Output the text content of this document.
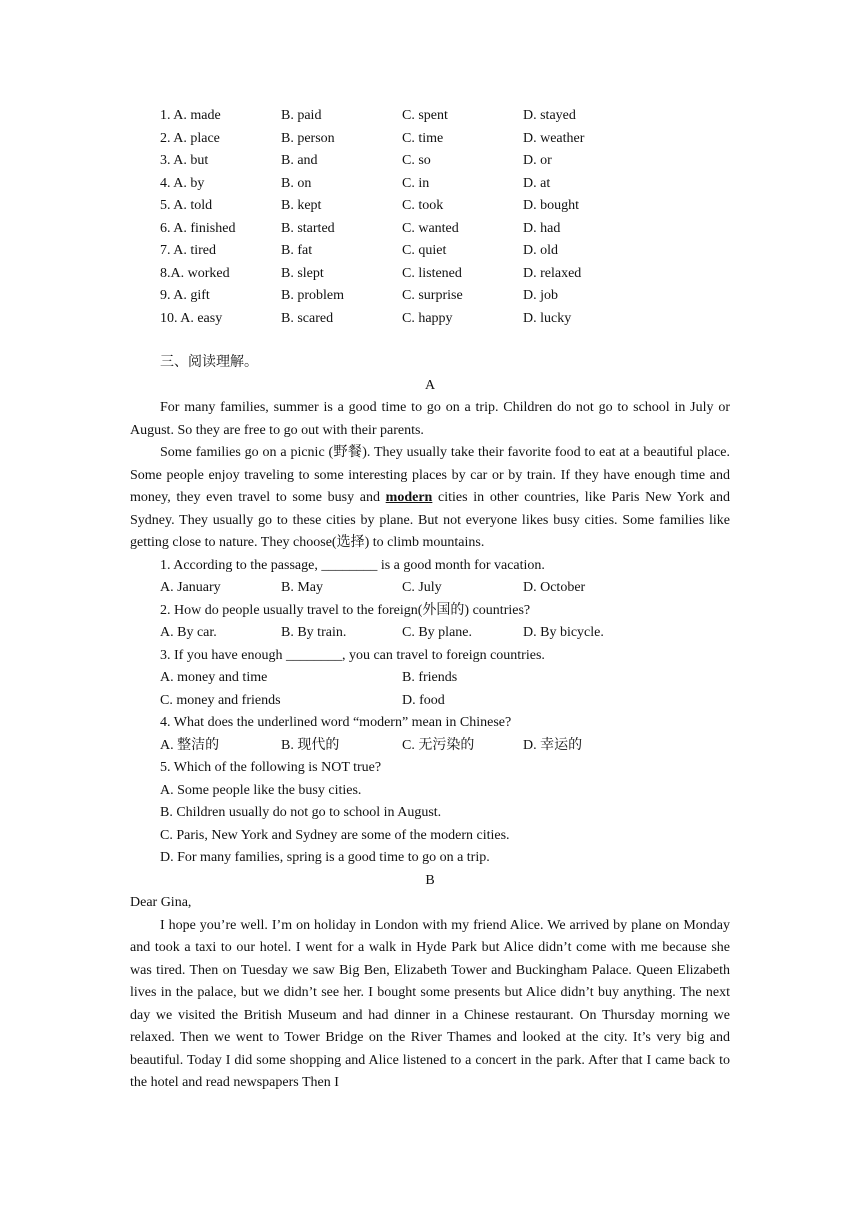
1. A. made	B. paid	C. spent	D. stayed
2. A. place	B. person	C. time	D. weather
3. A. but	B. and	C. so	D. or
4. A. by	B. on	C. in	D. at
5. A. told	B. kept	C. took	D. bought
6. A. finished	B. started	C. wanted	D. had
7. A. tired	B. fat	C. quiet	D. old
8.A. worked	B. slept	C. listened	D. relaxed
9. A. gift	B. problem	C. surprise	D. job
10. A. easy	B. scared	C. happy	D. lucky
三、阅读理解。
A

For many families, summer is a good time to go on a trip. Children do not go to school in July or August. So they are free to go out with their parents.

Some families go on a picnic (野餐). They usually take their favorite food to eat at a beautiful place. Some people enjoy traveling to some interesting places by car or by train. If they have enough time and money, they even travel to some busy and modern cities in other countries, like Paris New York and Sydney. They usually go to these cities by plane. But not everyone likes busy cities. Some families like getting close to nature. They choose(选择) to climb mountains.

1. According to the passage, ________ is a good month for vacation.
A. January	B. May	C. July	D. October
2. How do people usually travel to the foreign(外国的) countries?
A. By car.	B. By train.	C. By plane.	D. By bicycle.
3. If you have enough ________, you can travel to foreign countries.
A. money and time	B. friends
C. money and friends	D. food
4. What does the underlined word “modern” mean in Chinese?
A. 整洁的	B. 现代的	C. 无污染的	D. 幸运的
5. Which of the following is NOT true?
A. Some people like the busy cities.
B. Children usually do not go to school in August.
C. Paris, New York and Sydney are some of the modern cities.
D. For many families, spring is a good time to go on a trip.
B

Dear Gina,

I hope you’re well. I’m on holiday in London with my friend Alice. We arrived by plane on Monday and took a taxi to our hotel. I went for a walk in Hyde Park but Alice didn’t come with me because she was tired. Then on Tuesday we saw Big Ben, Elizabeth Tower and Buckingham Palace. Queen Elizabeth lives in the palace, but we didn’t see her. I bought some presents but Alice didn’t buy anything. The next day we visited the British Museum and had dinner in a Chinese restaurant. On Thursday morning we relaxed. Then we went to Tower Bridge on the River Thames and looked at the city. It’s very big and beautiful. Today I did some shopping and Alice listened to a concert in the park. After that I came back to the hotel and read newspapers Then I
